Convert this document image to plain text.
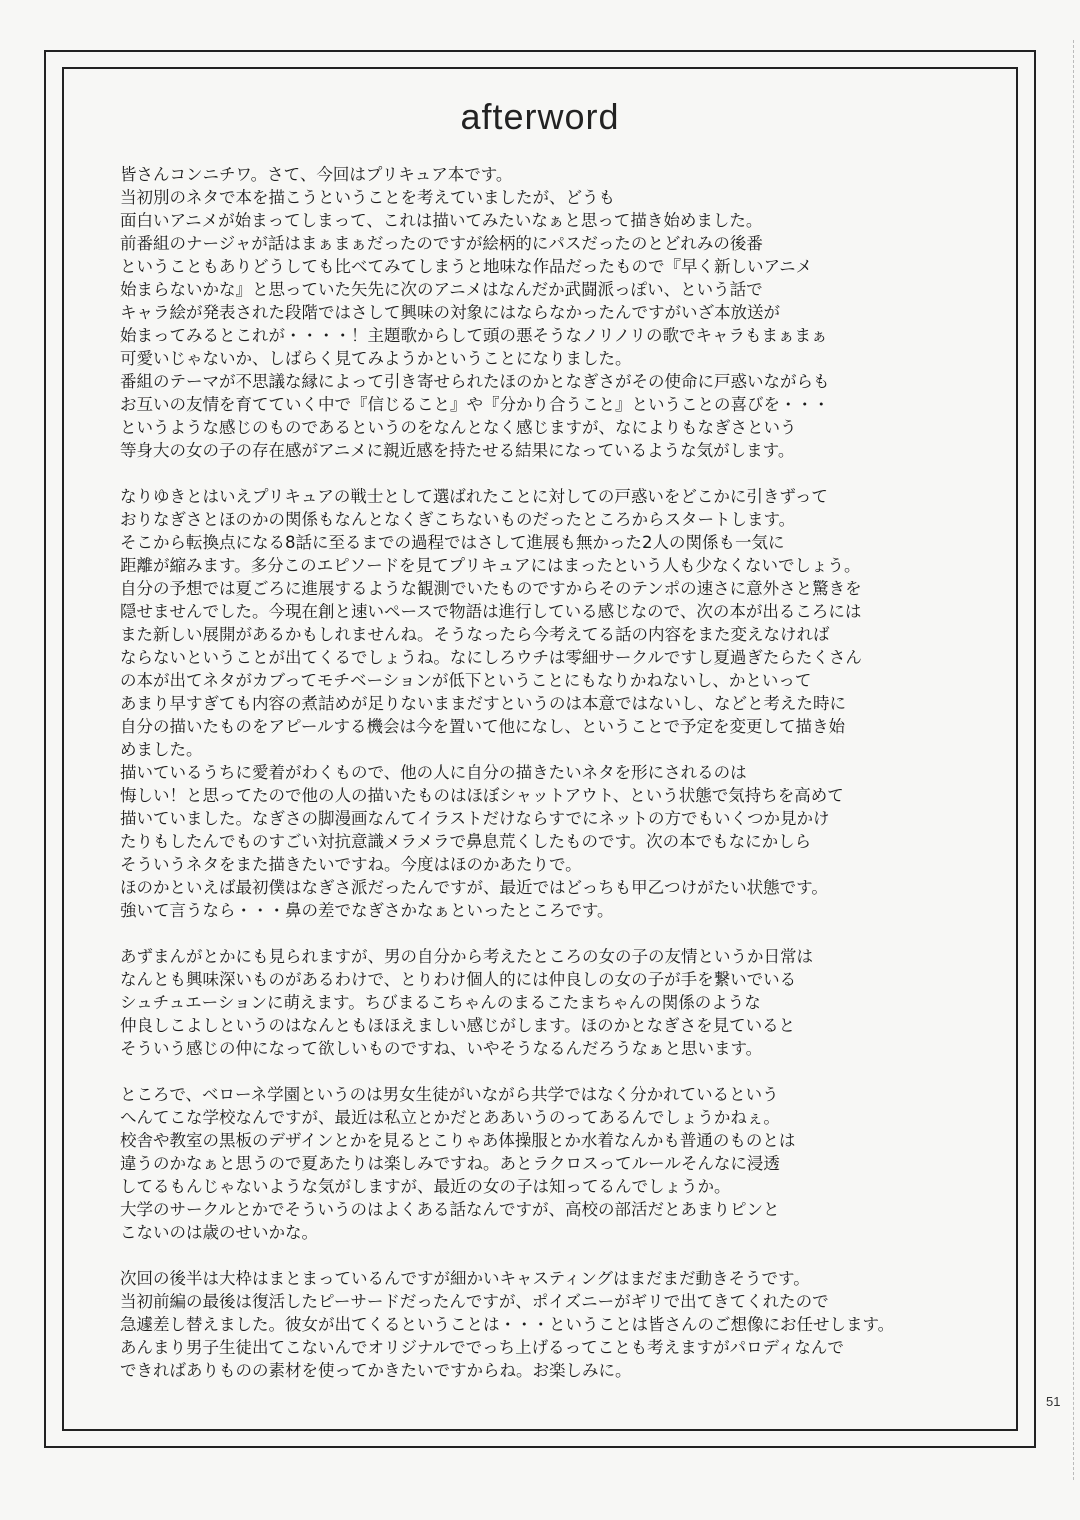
afterword
皆さんコンニチワ。さて、今回はプリキュア本です。
当初別のネタで本を描こうということを考えていましたが、どうも
面白いアニメが始まってしまって、これは描いてみたいなぁと思って描き始めました。
前番組のナージャが話はまぁまぁだったのですが絵柄的にパスだったのとどれみの後番
ということもありどうしても比べてみてしまうと地味な作品だったもので『早く新しいアニメ
始まらないかな』と思っていた矢先に次のアニメはなんだか武闘派っぽい、という話で
キャラ絵が発表された段階ではさして興味の対象にはならなかったんですがいざ本放送が
始まってみるとこれが・・・・！主題歌からして頭の悪そうなノリノリの歌でキャラもまぁまぁ
可愛いじゃないか、しばらく見てみようかということになりました。
番組のテーマが不思議な縁によって引き寄せられたほのかとなぎさがその使命に戸惑いながらも
お互いの友情を育てていく中で『信じること』や『分かり合うこと』ということの喜びを・・・
というような感じのものであるというのをなんとなく感じますが、なによりもなぎさという
等身大の女の子の存在感がアニメに親近感を持たせる結果になっているような気がします。
なりゆきとはいえプリキュアの戦士として選ばれたことに対しての戸惑いをどこかに引きずって
おりなぎさとほのかの関係もなんとなくぎこちないものだったところからスタートします。
そこから転換点になる8話に至るまでの過程ではさして進展も無かった2人の関係も一気に
距離が縮みます。多分このエピソードを見てプリキュアにはまったという人も少なくないでしょう。
自分の予想では夏ごろに進展するような観測でいたものですからそのテンポの速さに意外さと驚きを
隠せませんでした。今現在創と速いペースで物語は進行している感じなので、次の本が出るころには
また新しい展開があるかもしれませんね。そうなったら今考えてる話の内容をまた変えなければ
ならないということが出てくるでしょうね。なにしろウチは零細サークルですし夏過ぎたらたくさん
の本が出てネタがカブってモチベーションが低下ということにもなりかねないし、かといって
あまり早すぎても内容の煮詰めが足りないままだすというのは本意ではないし、などと考えた時に
自分の描いたものをアピールする機会は今を置いて他になし、ということで予定を変更して描き始
めました。
描いているうちに愛着がわくもので、他の人に自分の描きたいネタを形にされるのは
悔しい！と思ってたので他の人の描いたものはほぼシャットアウト、という状態で気持ちを高めて
描いていました。なぎさの脚漫画なんてイラストだけならすでにネットの方でもいくつか見かけ
たりもしたんでものすごい対抗意識メラメラで鼻息荒くしたものです。次の本でもなにかしら
そういうネタをまた描きたいですね。今度はほのかあたりで。
ほのかといえば最初僕はなぎさ派だったんですが、最近ではどっちも甲乙つけがたい状態です。
強いて言うなら・・・鼻の差でなぎさかなぁといったところです。
あずまんがとかにも見られますが、男の自分から考えたところの女の子の友情というか日常は
なんとも興味深いものがあるわけで、とりわけ個人的には仲良しの女の子が手を繋いでいる
シュチュエーションに萌えます。ちびまるこちゃんのまるこたまちゃんの関係のような
仲良しこよしというのはなんともほほえましい感じがします。ほのかとなぎさを見ていると
そういう感じの仲になって欲しいものですね、いやそうなるんだろうなぁと思います。
ところで、ベローネ学園というのは男女生徒がいながら共学ではなく分かれているという
へんてこな学校なんですが、最近は私立とかだとああいうのってあるんでしょうかねぇ。
校舎や教室の黒板のデザインとかを見るとこりゃあ体操服とか水着なんかも普通のものとは
違うのかなぁと思うので夏あたりは楽しみですね。あとラクロスってルールそんなに浸透
してるもんじゃないような気がしますが、最近の女の子は知ってるんでしょうか。
大学のサークルとかでそういうのはよくある話なんですが、高校の部活だとあまりピンと
こないのは歳のせいかな。
次回の後半は大枠はまとまっているんですが細かいキャスティングはまだまだ動きそうです。
当初前編の最後は復活したピーサードだったんですが、ポイズニーがギリで出てきてくれたので
急遽差し替えました。彼女が出てくるということは・・・ということは皆さんのご想像にお任せします。
あんまり男子生徒出てこないんでオリジナルででっち上げるってことも考えますがパロディなんで
できればありものの素材を使ってかきたいですからね。お楽しみに。
51
